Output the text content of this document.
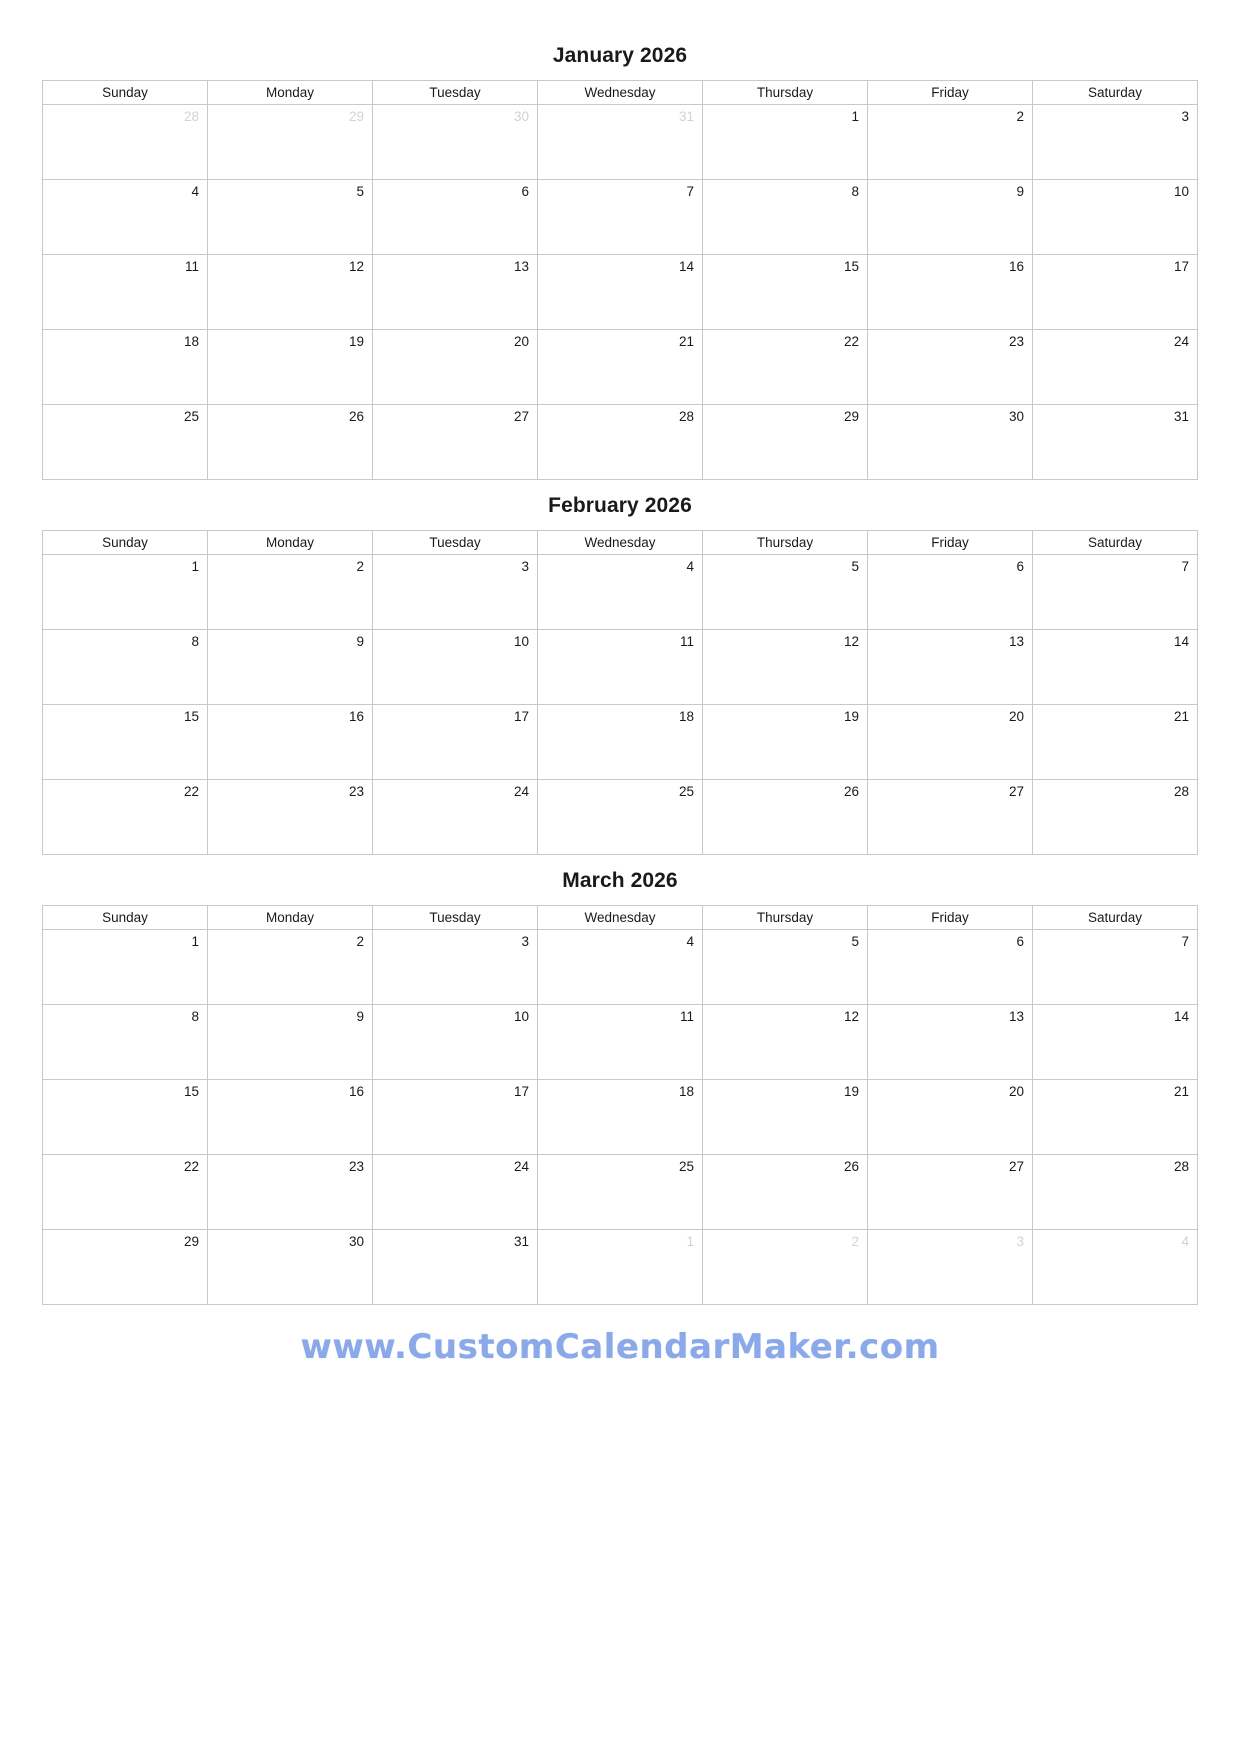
January 2026
Sunday	Monday	Tuesday	Wednesday	Thursday	Friday	Saturday
28	29	30	31	1	2	3
4	5	6	7	8	9	10
11	12	13	14	15	16	17
18	19	20	21	22	23	24
25	26	27	28	29	30	31
February 2026
Sunday	Monday	Tuesday	Wednesday	Thursday	Friday	Saturday
1	2	3	4	5	6	7
8	9	10	11	12	13	14
15	16	17	18	19	20	21
22	23	24	25	26	27	28
March 2026
Sunday	Monday	Tuesday	Wednesday	Thursday	Friday	Saturday
1	2	3	4	5	6	7
8	9	10	11	12	13	14
15	16	17	18	19	20	21
22	23	24	25	26	27	28
29	30	31	1	2	3	4
www.CustomCalendarMaker.com
